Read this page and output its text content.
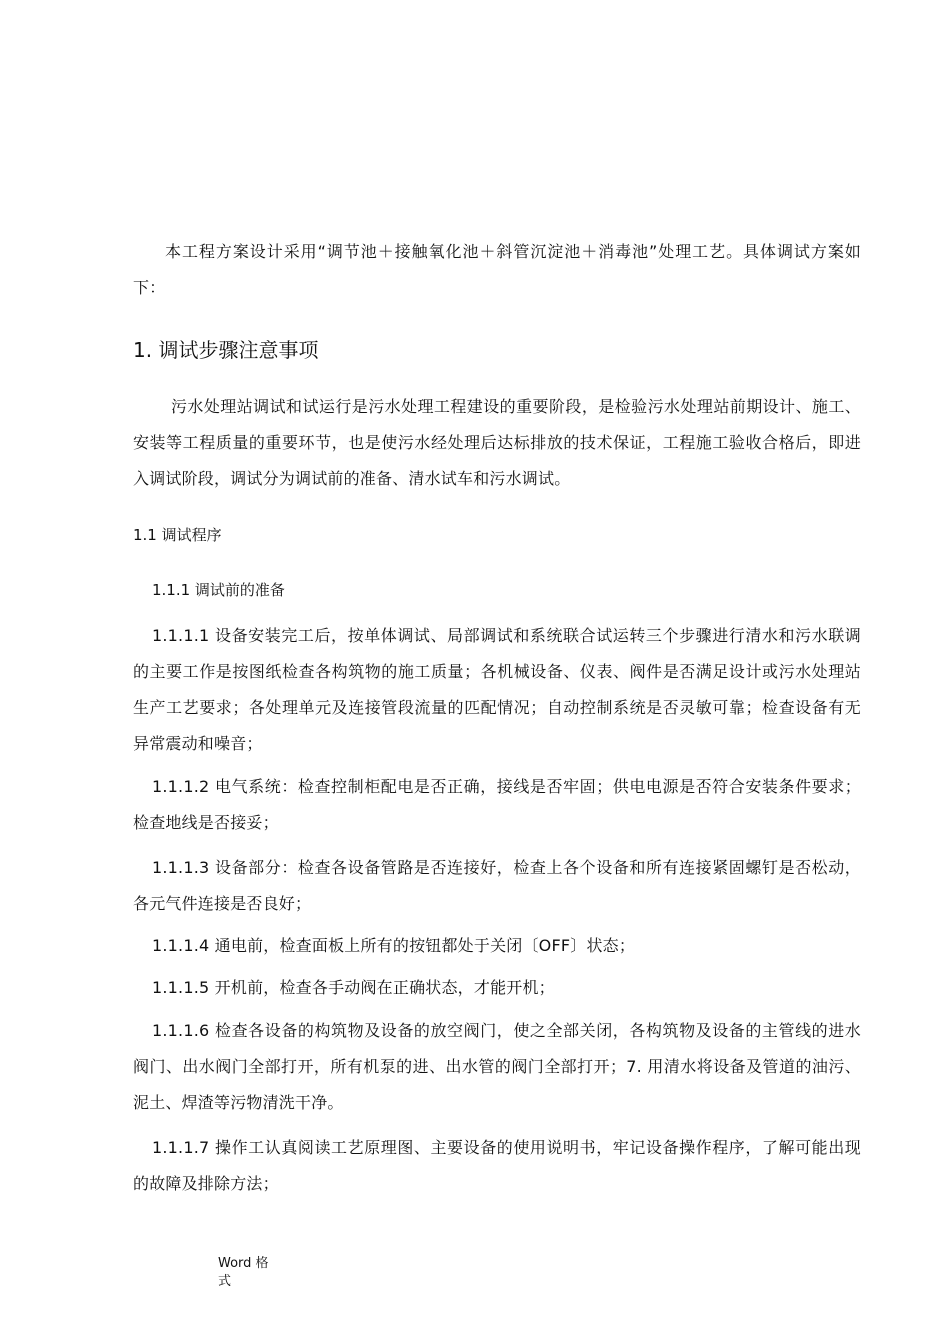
本工程方案设计采用“调节池＋接触氧化池＋斜管沉淀池＋消毒池”处理工艺。具体调试方案如下：

1. 调试步骤注意事项

污水处理站调试和试运行是污水处理工程建设的重要阶段，是检验污水处理站前期设计、施工、安装等工程质量的重要环节，也是使污水经处理后达标排放的技术保证，工程施工验收合格后，即进入调试阶段，调试分为调试前的准备、清水试车和污水调试。

1.1 调试程序
1.1.1 调试前的准备

1.1.1.1 设备安装完工后，按单体调试、局部调试和系统联合试运转三个步骤进行清水和污水联调的主要工作是按图纸检查各构筑物的施工质量；各机械设备、仪表、阀件是否满足设计或污水处理站生产工艺要求；各处理单元及连接管段流量的匹配情况；自动控制系统是否灵敏可靠；检查设备有无异常震动和噪音；

1.1.1.2 电气系统：检查控制柜配电是否正确，接线是否牢固；供电电源是否符合安装条件要求；检查地线是否接妥；

1.1.1.3 设备部分：检查各设备管路是否连接好，检查上各个设备和所有连接紧固螺钉是否松动，各元气件连接是否良好；

1.1.1.4 通电前，检查面板上所有的按钮都处于关闭〔OFF〕状态；

1.1.1.5 开机前，检查各手动阀在正确状态，才能开机；

1.1.1.6 检查各设备的构筑物及设备的放空阀门，使之全部关闭，各构筑物及设备的主管线的进水阀门、出水阀门全部打开，所有机泵的进、出水管的阀门全部打开；7. 用清水将设备及管道的油污、泥土、焊渣等污物清洗干净。

1.1.1.7 操作工认真阅读工艺原理图、主要设备的使用说明书，牢记设备操作程序，了解可能出现的故障及排除方法；

Word 格式
